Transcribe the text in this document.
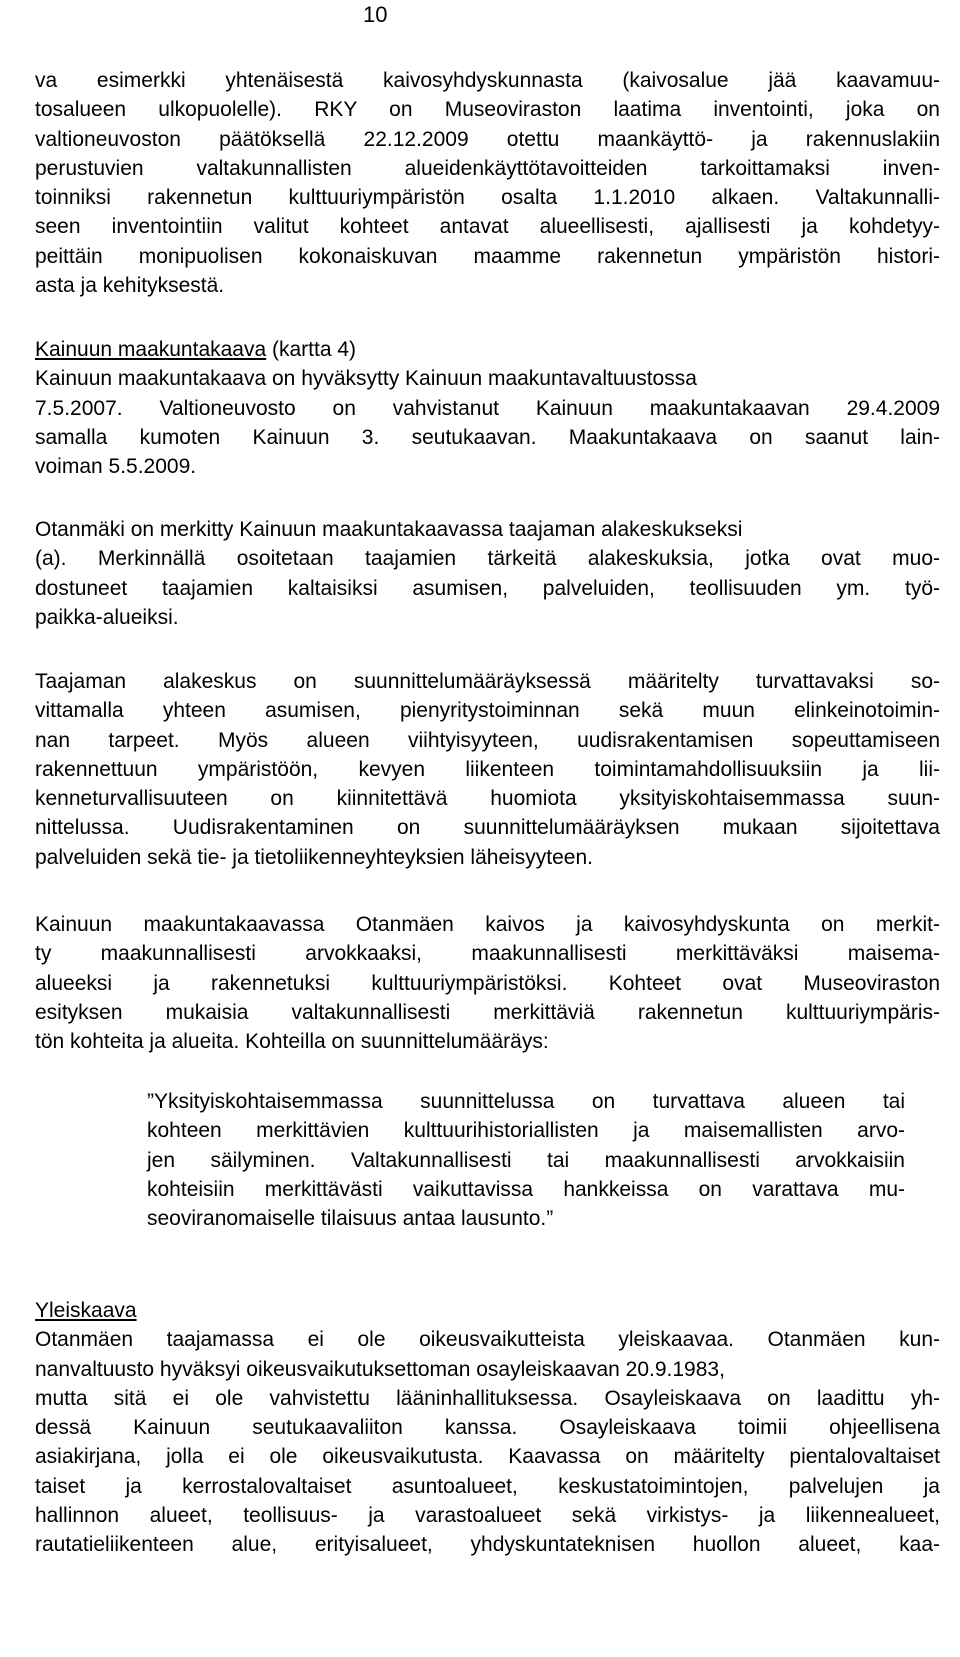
10
va esimerkki yhtenäisestä kaivosyhdyskunnasta (kaivosalue jää kaavamuu-
tosalueen ulkopuolelle). RKY on Museoviraston laatima inventointi, joka on
valtioneuvoston päätöksellä 22.12.2009 otettu maankäyttö- ja rakennuslakiin
perustuvien valtakunnallisten alueidenkäyttötavoitteiden tarkoittamaksi inven-
toinniksi rakennetun kulttuuriympäristön osalta 1.1.2010 alkaen. Valtakunnalli-
seen inventointiin valitut kohteet antavat alueellisesti, ajallisesti ja kohdetyy-
peittäin monipuolisen kokonaiskuvan maamme rakennetun ympäristön histori-
asta ja kehityksestä.
Kainuun maakuntakaava (kartta 4)
Kainuun maakuntakaava on hyväksytty Kainuun maakuntavaltuustossa
7.5.2007. Valtioneuvosto on vahvistanut Kainuun maakuntakaavan 29.4.2009
samalla kumoten Kainuun 3. seutukaavan. Maakuntakaava on saanut lain-
voiman 5.5.2009.
Otanmäki on merkitty Kainuun maakuntakaavassa taajaman alakeskukseksi
(a). Merkinnällä osoitetaan taajamien tärkeitä alakeskuksia, jotka ovat muo-
dostuneet taajamien kaltaisiksi asumisen, palveluiden, teollisuuden ym. työ-
paikka-alueiksi.
Taajaman alakeskus on suunnittelumääräyksessä määritelty turvattavaksi so-
vittamalla yhteen asumisen, pienyritystoiminnan sekä muun elinkeinotoimin-
nan tarpeet. Myös alueen viihtyisyyteen, uudisrakentamisen sopeuttamiseen
rakennettuun ympäristöön, kevyen liikenteen toimintamahdollisuuksiin ja lii-
kenneturvallisuuteen on kiinnitettävä huomiota yksityiskohtaisemmassa suun-
nittelussa. Uudisrakentaminen on suunnittelumääräyksen mukaan sijoitettava
palveluiden sekä tie- ja tietoliikenneyhteyksien läheisyyteen.
Kainuun maakuntakaavassa Otanmäen kaivos ja kaivosyhdyskunta on merkit-
ty maakunnallisesti arvokkaaksi, maakunnallisesti merkittäväksi maisema-
alueeksi ja rakennetuksi kulttuuriympäristöksi. Kohteet ovat Museoviraston
esityksen mukaisia valtakunnallisesti merkittäviä rakennetun kulttuuriympäris-
tön kohteita ja alueita. Kohteilla on suunnittelumääräys:
”Yksityiskohtaisemmassa suunnittelussa on turvattava alueen tai
kohteen merkittävien kulttuurihistoriallisten ja maisemallisten arvo-
jen säilyminen. Valtakunnallisesti tai maakunnallisesti arvokkaisiin
kohteisiin merkittävästi vaikuttavissa hankkeissa on varattava mu-
seoviranomaiselle tilaisuus antaa lausunto.”
Yleiskaava
Otanmäen taajamassa ei ole oikeusvaikutteista yleiskaavaa. Otanmäen kun-
nanvaltuusto hyväksyi oikeusvaikutuksettoman osayleiskaavan 20.9.1983,
mutta sitä ei ole vahvistettu lääninhallituksessa. Osayleiskaava on laadittu yh-
dessä Kainuun seutukaavaliiton kanssa. Osayleiskaava toimii ohjeellisena
asiakirjana, jolla ei ole oikeusvaikutusta. Kaavassa on määritelty pientalovaltaiset
taiset ja kerrostalovaltaiset asuntoalueet, keskustatoimintojen, palvelujen ja
hallinnon alueet, teollisuus- ja varastoalueet sekä virkistys- ja liikennealueet,
rautatieliikenteen alue, erityisalueet, yhdyskuntateknisen huollon alueet, kaa-
